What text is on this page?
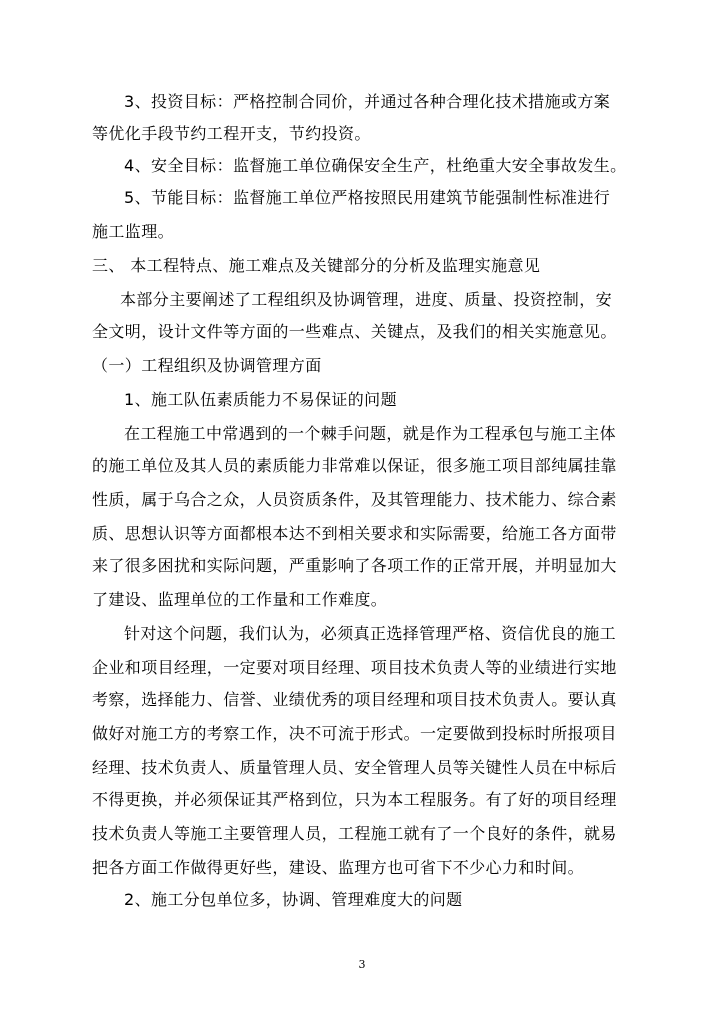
3、投资目标：严格控制合同价，并通过各种合理化技术措施或方案
等优化手段节约工程开支，节约投资。
4、安全目标：监督施工单位确保安全生产，杜绝重大安全事故发生。
5、节能目标：监督施工单位严格按照民用建筑节能强制性标准进行
施工监理。
三、 本工程特点、施工难点及关键部分的分析及监理实施意见
本部分主要阐述了工程组织及协调管理，进度、质量、投资控制，安
全文明，设计文件等方面的一些难点、关键点，及我们的相关实施意见。
（一）工程组织及协调管理方面
1、施工队伍素质能力不易保证的问题
在工程施工中常遇到的一个棘手问题，就是作为工程承包与施工主体
的施工单位及其人员的素质能力非常难以保证，很多施工项目部纯属挂靠
性质，属于乌合之众，人员资质条件，及其管理能力、技术能力、综合素
质、思想认识等方面都根本达不到相关要求和实际需要，给施工各方面带
来了很多困扰和实际问题，严重影响了各项工作的正常开展，并明显加大
了建设、监理单位的工作量和工作难度。
针对这个问题，我们认为，必须真正选择管理严格、资信优良的施工
企业和项目经理，一定要对项目经理、项目技术负责人等的业绩进行实地
考察，选择能力、信誉、业绩优秀的项目经理和项目技术负责人。要认真
做好对施工方的考察工作，决不可流于形式。一定要做到投标时所报项目
经理、技术负责人、质量管理人员、安全管理人员等关键性人员在中标后
不得更换，并必须保证其严格到位，只为本工程服务。有了好的项目经理
技术负责人等施工主要管理人员，工程施工就有了一个良好的条件，就易
把各方面工作做得更好些，建设、监理方也可省下不少心力和时间。
2、施工分包单位多，协调、管理难度大的问题
3
